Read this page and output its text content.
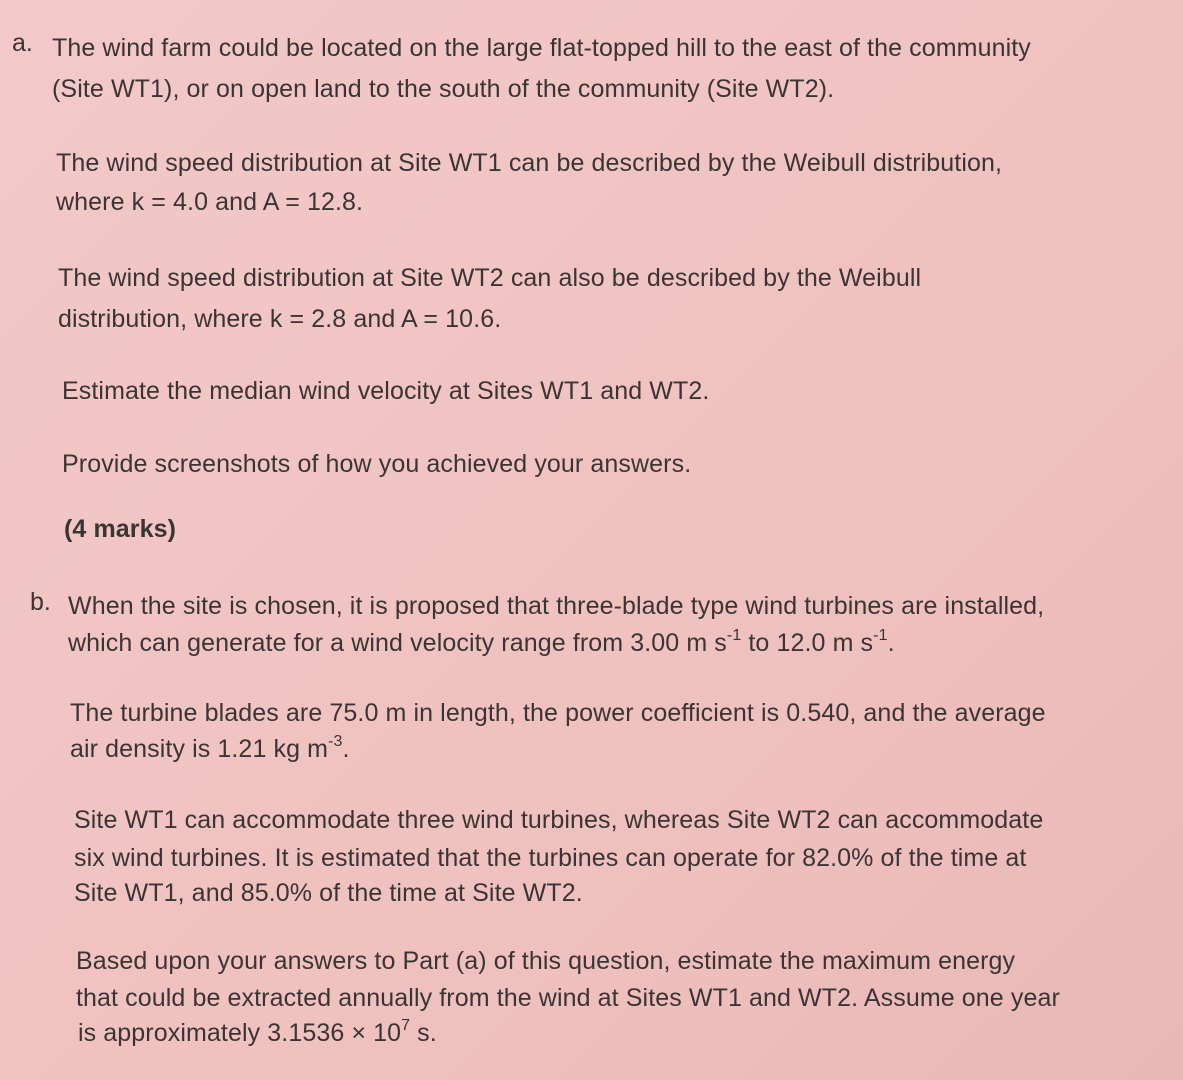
a. The wind farm could be located on the large flat-topped hill to the east of the community
(Site WT1), or on open land to the south of the community (Site WT2).
The wind speed distribution at Site WT1 can be described by the Weibull distribution,
where k = 4.0 and A = 12.8.
The wind speed distribution at Site WT2 can also be described by the Weibull
distribution, where k = 2.8 and A = 10.6.
Estimate the median wind velocity at Sites WT1 and WT2.
Provide screenshots of how you achieved your answers.
(4 marks)
b. When the site is chosen, it is proposed that three-blade type wind turbines are installed,
which can generate for a wind velocity range from 3.00 m $s^{-1}$ to 12.0 m $s^{-1}$.
The turbine blades are 75.0 m in length, the power coefficient is 0.540, and the average
air density is 1.21 kg $m^{-3}$.
Site WT1 can accommodate three wind turbines, whereas Site WT2 can accommodate
six wind turbines. It is estimated that the turbines can operate for 82.0% of the time at
Site WT1, and 85.0% of the time at Site WT2.
Based upon your answers to Part (a) of this question, estimate the maximum energy
that could be extracted annually from the wind at Sites WT1 and WT2. Assume one year
is approximately $3.1536 \times 10^7$ s.
